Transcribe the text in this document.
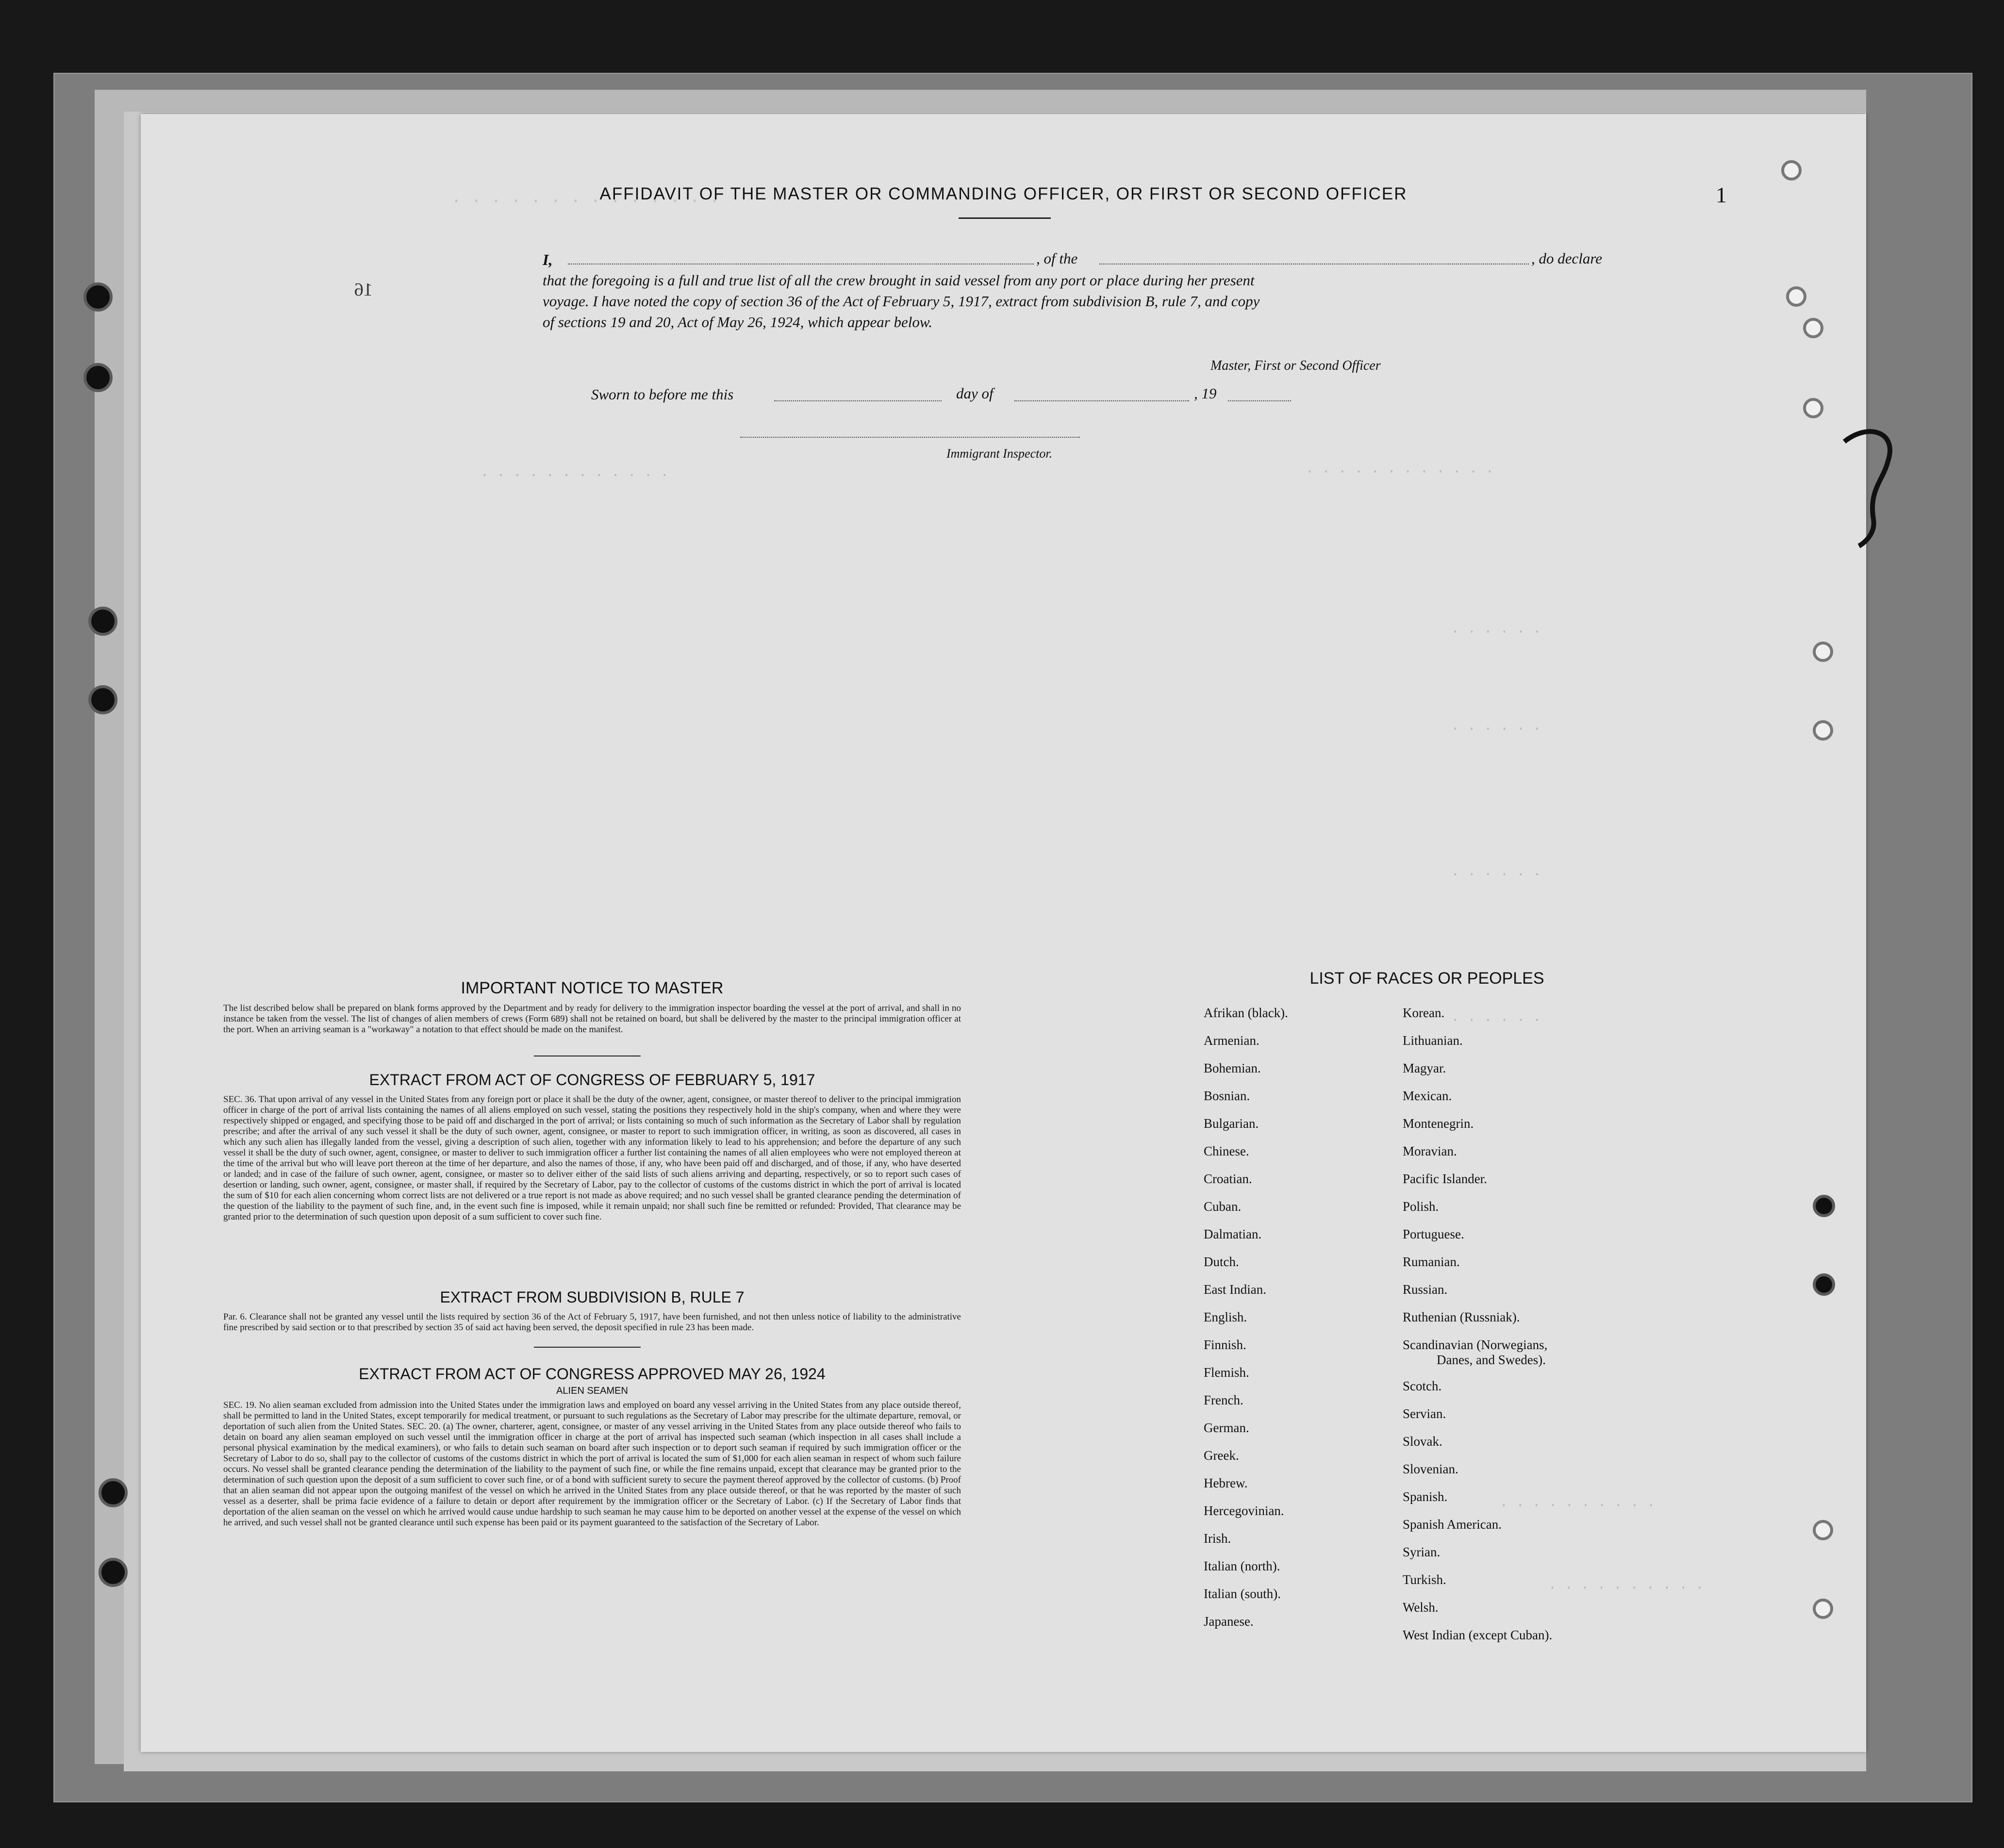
· · · · · · · · · · · · · ·
. . . . . . . . . . . .	· · · · · · · · · · · ·
· · · · · ·
· · · · · ·
· · · · · ·
· · · · · ·
· · · · · · · · · ·
· · · · · · · · · ·
1
16
AFFIDAVIT OF THE MASTER OR COMMANDING OFFICER, OR FIRST OR SECOND OFFICER
I,	, of the	, do declare
that the foregoing is a full and true list of all the crew brought in said vessel from any port or place during her present
voyage. I have noted the copy of section 36 of the Act of February 5, 1917, extract from subdivision B, rule 7, and copy
of sections 19 and 20, Act of May 26, 1924, which appear below.
Master, First or Second Officer
Sworn to before me this	day of	, 19
Immigrant Inspector.
IMPORTANT NOTICE TO MASTER
The list described below shall be prepared on blank forms approved by the Department and by ready for delivery to the immigration inspector boarding the vessel at the port of arrival, and shall in no instance be taken from the vessel. The list of changes of alien members of crews (Form 689) shall not be retained on board, but shall be delivered by the master to the principal immigration officer at the port. When an arriving seaman is a "workaway" a notation to that effect should be made on the manifest.
EXTRACT FROM ACT OF CONGRESS OF FEBRUARY 5, 1917
SEC. 36. That upon arrival of any vessel in the United States from any foreign port or place it shall be the duty of the owner, agent, consignee, or master thereof to deliver to the principal immigration officer in charge of the port of arrival lists containing the names of all aliens employed on such vessel, stating the positions they respectively hold in the ship's company, when and where they were respectively shipped or engaged, and specifying those to be paid off and discharged in the port of arrival; or lists containing so much of such information as the Secretary of Labor shall by regulation prescribe; and after the arrival of any such vessel it shall be the duty of such owner, agent, consignee, or master to report to such immigration officer, in writing, as soon as discovered, all cases in which any such alien has illegally landed from the vessel, giving a description of such alien, together with any information likely to lead to his apprehension; and before the departure of any such vessel it shall be the duty of such owner, agent, consignee, or master to deliver to such immigration officer a further list containing the names of all alien employees who were not employed thereon at the time of the arrival but who will leave port thereon at the time of her departure, and also the names of those, if any, who have been paid off and discharged, and of those, if any, who have deserted or landed; and in case of the failure of such owner, agent, consignee, or master so to deliver either of the said lists of such aliens arriving and departing, respectively, or so to report such cases of desertion or landing, such owner, agent, consignee, or master shall, if required by the Secretary of Labor, pay to the collector of customs of the customs district in which the port of arrival is located the sum of $10 for each alien concerning whom correct lists are not delivered or a true report is not made as above required; and no such vessel shall be granted clearance pending the determination of the question of the liability to the payment of such fine, and, in the event such fine is imposed, while it remain unpaid; nor shall such fine be remitted or refunded: Provided, That clearance may be granted prior to the determination of such question upon deposit of a sum sufficient to cover such fine.
EXTRACT FROM SUBDIVISION B, RULE 7
Par. 6. Clearance shall not be granted any vessel until the lists required by section 36 of the Act of February 5, 1917, have been furnished, and not then unless notice of liability to the administrative fine prescribed by said section or to that prescribed by section 35 of said act having been served, the deposit specified in rule 23 has been made.
EXTRACT FROM ACT OF CONGRESS APPROVED MAY 26, 1924
ALIEN SEAMEN
SEC. 19. No alien seaman excluded from admission into the United States under the immigration laws and employed on board any vessel arriving in the United States from any place outside thereof, shall be permitted to land in the United States, except temporarily for medical treatment, or pursuant to such regulations as the Secretary of Labor may prescribe for the ultimate departure, removal, or deportation of such alien from the United States. SEC. 20. (a) The owner, charterer, agent, consignee, or master of any vessel arriving in the United States from any place outside thereof who fails to detain on board any alien seaman employed on such vessel until the immigration officer in charge at the port of arrival has inspected such seaman (which inspection in all cases shall include a personal physical examination by the medical examiners), or who fails to detain such seaman on board after such inspection or to deport such seaman if required by such immigration officer or the Secretary of Labor to do so, shall pay to the collector of customs of the customs district in which the port of arrival is located the sum of $1,000 for each alien seaman in respect of whom such failure occurs. No vessel shall be granted clearance pending the determination of the liability to the payment of such fine, or while the fine remains unpaid, except that clearance may be granted prior to the determination of such question upon the deposit of a sum sufficient to cover such fine, or of a bond with sufficient surety to secure the payment thereof approved by the collector of customs. (b) Proof that an alien seaman did not appear upon the outgoing manifest of the vessel on which he arrived in the United States from any place outside thereof, or that he was reported by the master of such vessel as a deserter, shall be prima facie evidence of a failure to detain or deport after requirement by the immigration officer or the Secretary of Labor. (c) If the Secretary of Labor finds that deportation of the alien seaman on the vessel on which he arrived would cause undue hardship to such seaman he may cause him to be deported on another vessel at the expense of the vessel on which he arrived, and such vessel shall not be granted clearance until such expense has been paid or its payment guaranteed to the satisfaction of the Secretary of Labor.
LIST OF RACES OR PEOPLES
Afrikan (black).
Armenian.
Bohemian.
Bosnian.
Bulgarian.
Chinese.
Croatian.
Cuban.
Dalmatian.
Dutch.
East Indian.
English.
Finnish.
Flemish.
French.
German.
Greek.
Hebrew.
Hercegovinian.
Irish.
Italian (north).
Italian (south).
Japanese.
Korean.
Lithuanian.
Magyar.
Mexican.
Montenegrin.
Moravian.
Pacific Islander.
Polish.
Portuguese.
Rumanian.
Russian.
Ruthenian (Russniak).
Scandinavian (Norwegians,
Danes, and Swedes).
Scotch.
Servian.
Slovak.
Slovenian.
Spanish.
Spanish American.
Syrian.
Turkish.
Welsh.
West Indian (except Cuban).
